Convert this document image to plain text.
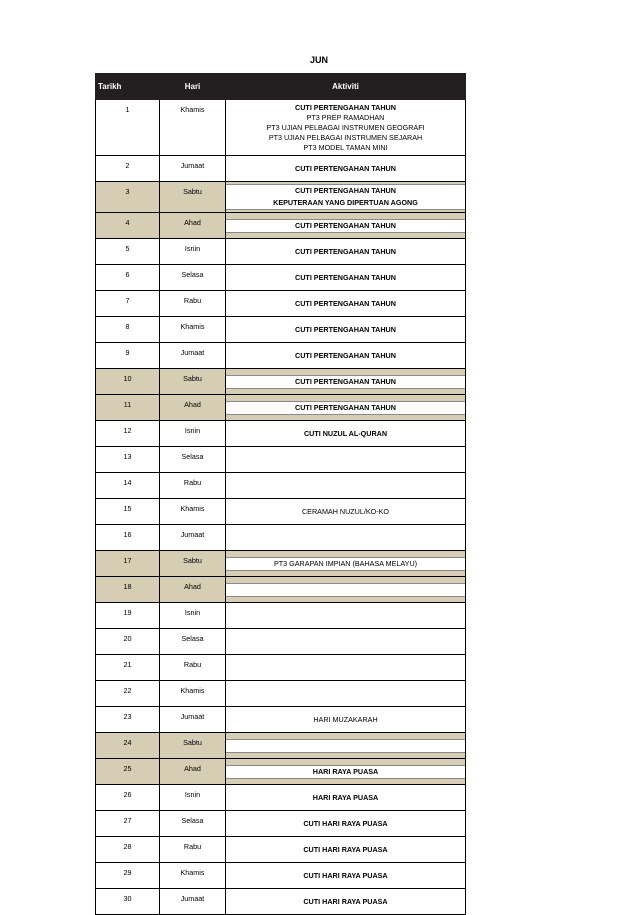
JUN
Tarikh	Hari	Aktiviti
1	Khamis	CUTI PERTENGAHAN TAHUN
PT3 PREP RAMADHAN
PT3 UJIAN PELBAGAI INSTRUMEN GEOGRAFI
PT3 UJIAN PELBAGAI INSTRUMEN SEJARAH
PT3 MODEL TAMAN MINI

2	Jumaat	CUTI PERTENGAHAN TAHUN

3	Sabtu	CUTI PERTENGAHAN TAHUN
KEPUTERAAN YANG DIPERTUAN AGONG

4	Ahad	CUTI PERTENGAHAN TAHUN

5	Isnin	CUTI PERTENGAHAN TAHUN

6	Selasa	CUTI PERTENGAHAN TAHUN

7	Rabu	CUTI PERTENGAHAN TAHUN

8	Khamis	CUTI PERTENGAHAN TAHUN

9	Jumaat	CUTI PERTENGAHAN TAHUN

10	Sabtu	CUTI PERTENGAHAN TAHUN

11	Ahad	CUTI PERTENGAHAN TAHUN

12	Isnin	CUTI NUZUL AL-QURAN

13	Selasa	
14	Rabu	
15	Khamis	CERAMAH NUZUL/KO-KO

16	Jumaat	
17	Sabtu	PT3 GARAPAN IMPIAN (BAHASA MELAYU)

18	Ahad	

19	Isnin	
20	Selasa	
21	Rabu	
22	Khamis	
23	Jumaat	HARI MUZAKARAH

24	Sabtu	

25	Ahad	HARI RAYA PUASA

26	Isnin	HARI RAYA PUASA

27	Selasa	CUTI HARI RAYA PUASA

28	Rabu	CUTI HARI RAYA PUASA

29	Khamis	CUTI HARI RAYA PUASA

30	Jumaat	CUTI HARI RAYA PUASA
